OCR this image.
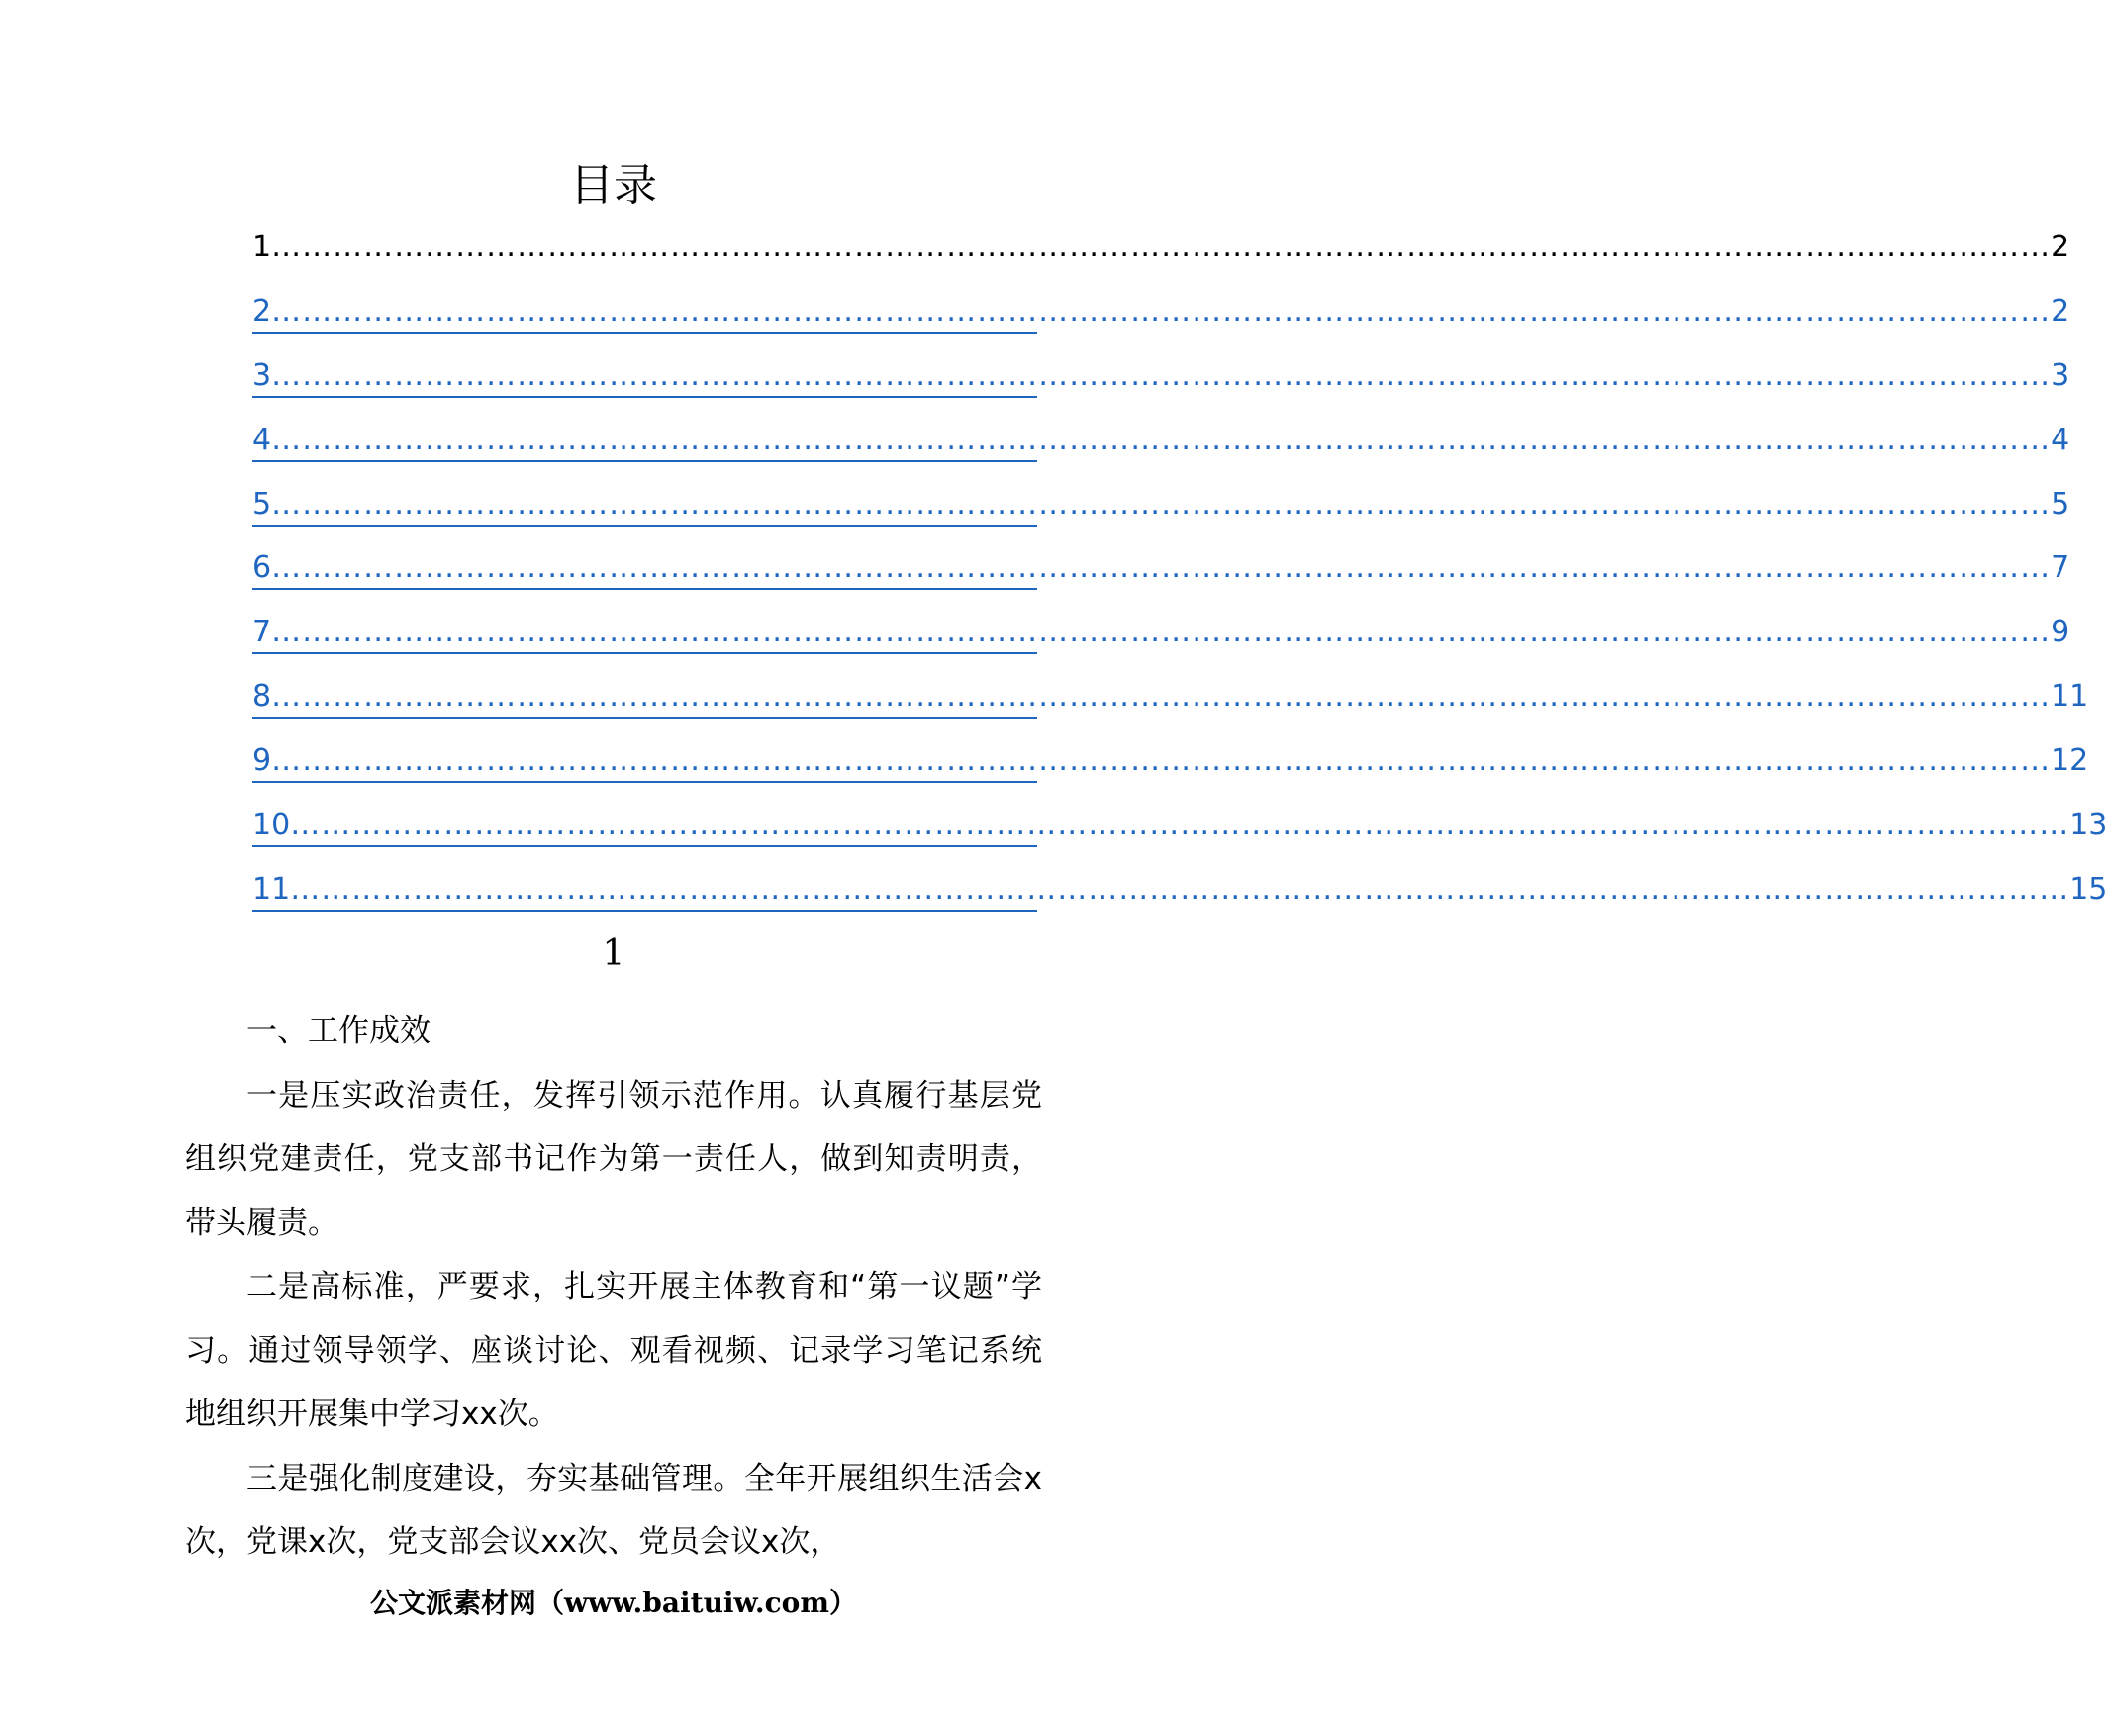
目录
1 ………………………………………………………………………………………………………………………………………………………… 2
2 ………………………………………………………………………………………………………………………………………………………… 2
3 ………………………………………………………………………………………………………………………………………………………… 3
4 ………………………………………………………………………………………………………………………………………………………… 4
5 ………………………………………………………………………………………………………………………………………………………… 5
6 ………………………………………………………………………………………………………………………………………………………… 7
7 ………………………………………………………………………………………………………………………………………………………… 9
8 ………………………………………………………………………………………………………………………………………………………… 11
9 ………………………………………………………………………………………………………………………………………………………… 12
10 ………………………………………………………………………………………………………………………………………………………… 13
11 ………………………………………………………………………………………………………………………………………………………… 15
1

一、工作成效

一是压实政治责任，发挥引领示范作用。认真履行基层党组织党建责任，党支部书记作为第一责任人，做到知责明责，带头履责。

二是高标准，严要求，扎实开展主体教育和“第一议题”学习。通过领导领学、座谈讨论、观看视频、记录学习笔记系统地组织开展集中学习xx次。

三是强化制度建设，夯实基础管理。全年开展组织生活会x次，党课x次，党支部会议xx次、党员会议x次，

公文派素材网（www.baituiw.com）
